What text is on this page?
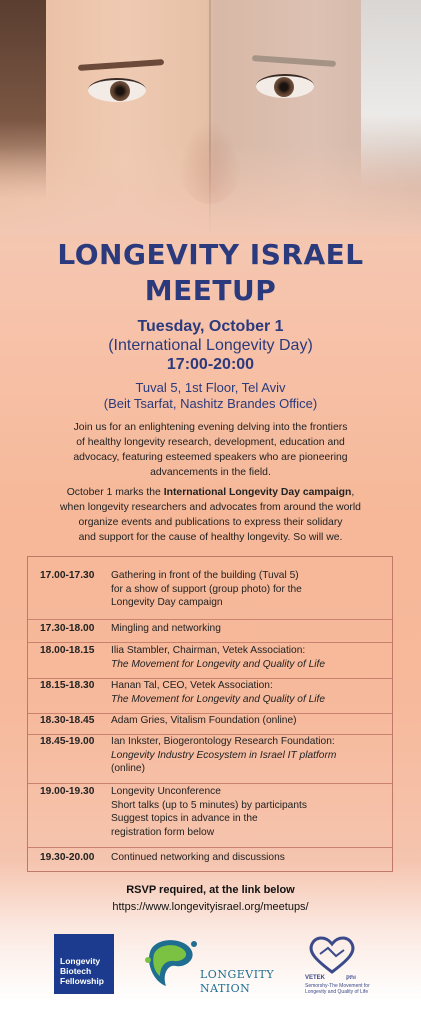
LONGEVITY ISRAEL
MEETUP
Tuesday, October 1
(International Longevity Day)
17:00-20:00
Tuval 5, 1st Floor, Tel Aviv
(Beit Tsarfat, Nashitz Brandes Office)
Join us for an enlightening evening delving into the frontiers
of healthy longevity research, development, education and
advocacy, featuring esteemed speakers who are pioneering
advancements in the field.
October 1 marks the International Longevity Day campaign,
when longevity researchers and advocates from around the world
organize events and publications to express their solidary
and support for the cause of healthy longevity. So will we.
17.00-17.30	Gathering in front of the building (Tuval 5)
for a show of support (group photo) for the
Longevity Day campaign
17.30-18.00	Mingling and networking
18.00-18.15	Ilia Stambler, Chairman, Vetek Association:
The Movement for Longevity and Quality of Life
18.15-18.30	Hanan Tal, CEO, Vetek Association:
The Movement for Longevity and Quality of Life
18.30-18.45	Adam Gries, Vitalism Foundation (online)
18.45-19.00	Ian Inkster, Biogerontology Research Foundation:
Longevity Industry Ecosystem in Israel IT platform
(online)
19.00-19.30	Longevity Unconference
Short talks (up to 5 minutes) by participants
Suggest topics in advance in the
registration form below
19.30-20.00	Continued networking and discussions
RSVP required, at the link below
https://www.longevityisrael.org/meetups/
Longevity
Biotech
Fellowship	LONGEVITY
NATION
VETEK	ותק
Semorshy-The Movement for
Longevity and Quality of Life
